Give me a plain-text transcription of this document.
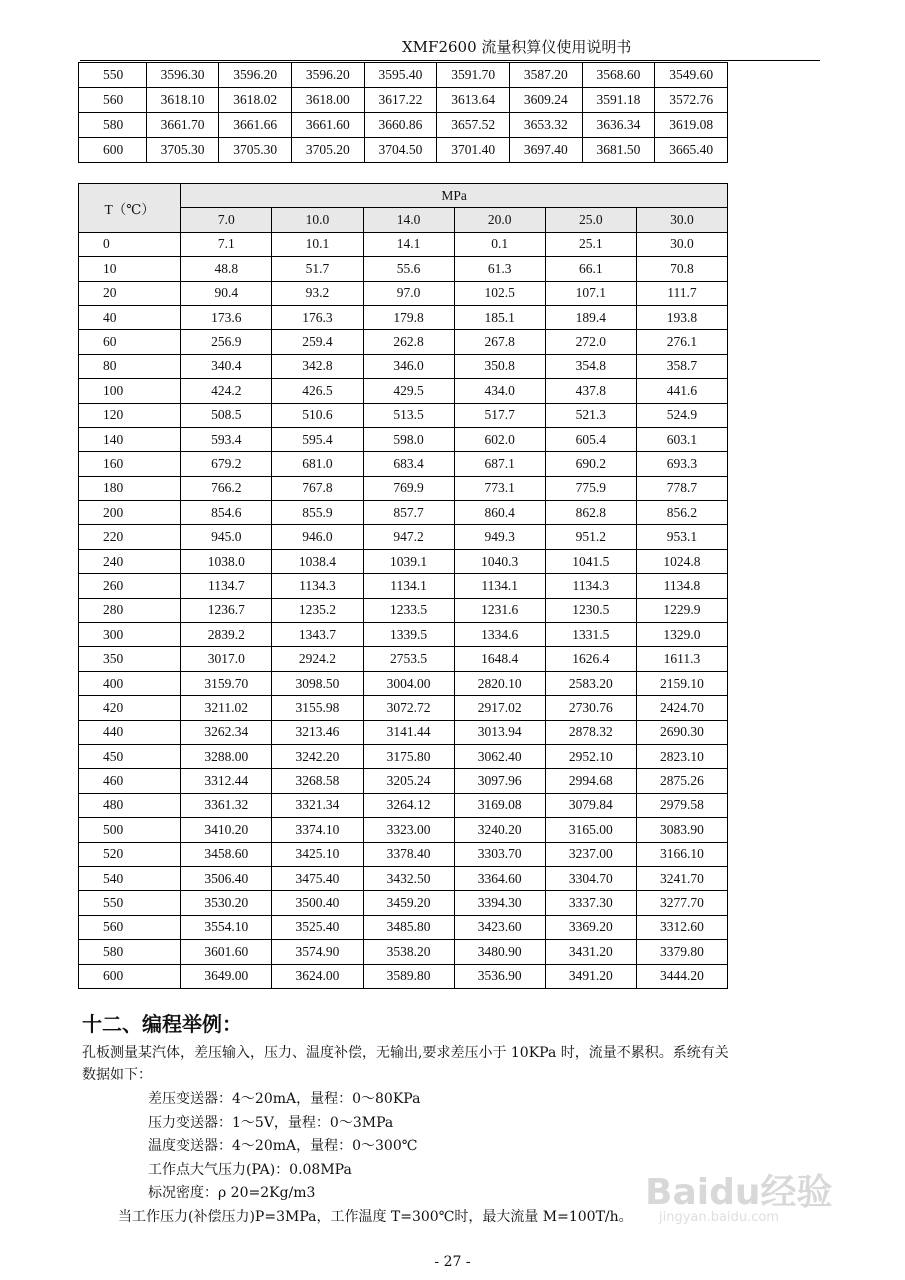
XMF2600 流量积算仪使用说明书
550	3596.30	3596.20	3596.20	3595.40	3591.70	3587.20	3568.60	3549.60
560	3618.10	3618.02	3618.00	3617.22	3613.64	3609.24	3591.18	3572.76
580	3661.70	3661.66	3661.60	3660.86	3657.52	3653.32	3636.34	3619.08
600	3705.30	3705.30	3705.20	3704.50	3701.40	3697.40	3681.50	3665.40
T（℃）	MPa					
	7.0	10.0	14.0	20.0	25.0	30.0
0	7.1	10.1	14.1	0.1	25.1	30.0
10	48.8	51.7	55.6	61.3	66.1	70.8
20	90.4	93.2	97.0	102.5	107.1	111.7
40	173.6	176.3	179.8	185.1	189.4	193.8
60	256.9	259.4	262.8	267.8	272.0	276.1
80	340.4	342.8	346.0	350.8	354.8	358.7
100	424.2	426.5	429.5	434.0	437.8	441.6
120	508.5	510.6	513.5	517.7	521.3	524.9
140	593.4	595.4	598.0	602.0	605.4	603.1
160	679.2	681.0	683.4	687.1	690.2	693.3
180	766.2	767.8	769.9	773.1	775.9	778.7
200	854.6	855.9	857.7	860.4	862.8	856.2
220	945.0	946.0	947.2	949.3	951.2	953.1
240	1038.0	1038.4	1039.1	1040.3	1041.5	1024.8
260	1134.7	1134.3	1134.1	1134.1	1134.3	1134.8
280	1236.7	1235.2	1233.5	1231.6	1230.5	1229.9
300	2839.2	1343.7	1339.5	1334.6	1331.5	1329.0
350	3017.0	2924.2	2753.5	1648.4	1626.4	1611.3
400	3159.70	3098.50	3004.00	2820.10	2583.20	2159.10
420	3211.02	3155.98	3072.72	2917.02	2730.76	2424.70
440	3262.34	3213.46	3141.44	3013.94	2878.32	2690.30
450	3288.00	3242.20	3175.80	3062.40	2952.10	2823.10
460	3312.44	3268.58	3205.24	3097.96	2994.68	2875.26
480	3361.32	3321.34	3264.12	3169.08	3079.84	2979.58
500	3410.20	3374.10	3323.00	3240.20	3165.00	3083.90
520	3458.60	3425.10	3378.40	3303.70	3237.00	3166.10
540	3506.40	3475.40	3432.50	3364.60	3304.70	3241.70
550	3530.20	3500.40	3459.20	3394.30	3337.30	3277.70
560	3554.10	3525.40	3485.80	3423.60	3369.20	3312.60
580	3601.60	3574.90	3538.20	3480.90	3431.20	3379.80
600	3649.00	3624.00	3589.80	3536.90	3491.20	3444.20
十二、编程举例：
孔板测量某汽体，差压输入，压力、温度补偿，无输出,要求差压小于 10KPa 时，流量不累积。系统有关
数据如下：
差压变送器：4～20mA，量程：0～80KPa
压力变送器：1～5V，量程：0～3MPa
温度变送器：4～20mA，量程：0～300℃
工作点大气压力(PA)：0.08MPa
标况密度：ρ 20=2Kg/m3
当工作压力(补偿压力)P=3MPa，工作温度 T=300℃时，最大流量 M=100T/h。
Baidu经验
jingyan.baidu.com
- 27 -
